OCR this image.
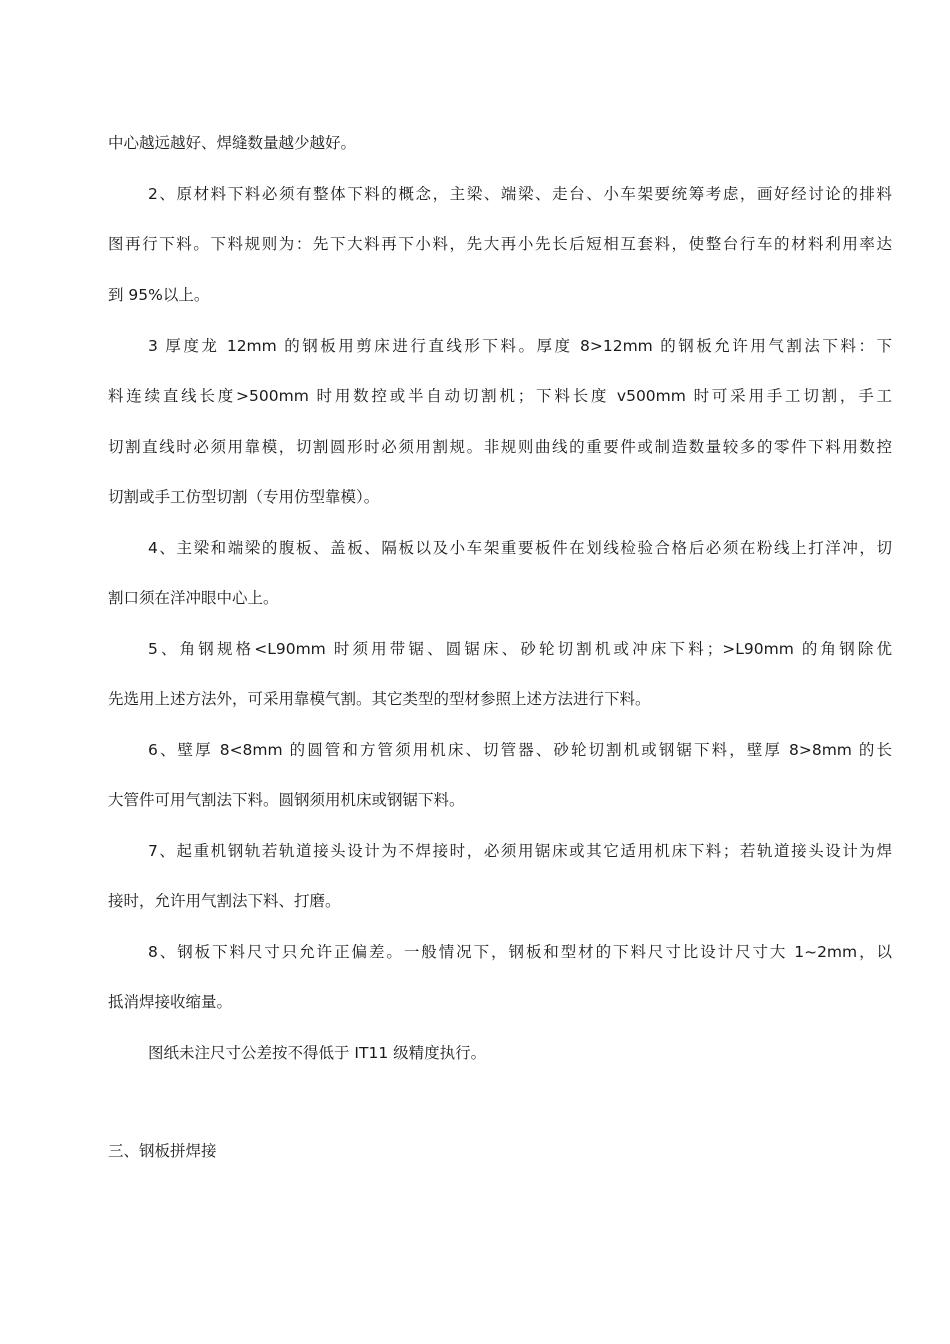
中心越远越好、焊缝数量越少越好。
2、原材料下料必须有整体下料的概念，主梁、端梁、走台、小车架要统筹考虑，画好经讨论的排料
图再行下料。下料规则为：先下大料再下小料，先大再小先长后短相互套料，使整台行车的材料利用率达
到 95%以上。
3 厚度龙 12mm 的钢板用剪床进行直线形下料。厚度 8>12mm 的钢板允许用气割法下料：下
料连续直线长度>500mm 时用数控或半自动切割机；下料长度 v500mm 时可采用手工切割，手工
切割直线时必须用靠模，切割圆形时必须用割规。非规则曲线的重要件或制造数量较多的零件下料用数控
切割或手工仿型切割（专用仿型靠模）。
4、主梁和端梁的腹板、盖板、隔板以及小车架重要板件在划线检验合格后必须在粉线上打洋冲，切
割口须在洋冲眼中心上。
5、角钢规格<L90mm 时须用带锯、圆锯床、砂轮切割机或冲床下料；>L90mm 的角钢除优
先选用上述方法外，可采用靠模气割。其它类型的型材参照上述方法进行下料。
6、壁厚 8<8mm 的圆管和方管须用机床、切管器、砂轮切割机或钢锯下料，壁厚 8>8mm 的长
大管件可用气割法下料。圆钢须用机床或钢锯下料。
7、起重机钢轨若轨道接头设计为不焊接时，必须用锯床或其它适用机床下料；若轨道接头设计为焊
接时，允许用气割法下料、打磨。
8、钢板下料尺寸只允许正偏差。一般情况下，钢板和型材的下料尺寸比设计尺寸大 1~2mm，以
抵消焊接收缩量。
图纸未注尺寸公差按不得低于 IT11 级精度执行。
三、钢板拼焊接
